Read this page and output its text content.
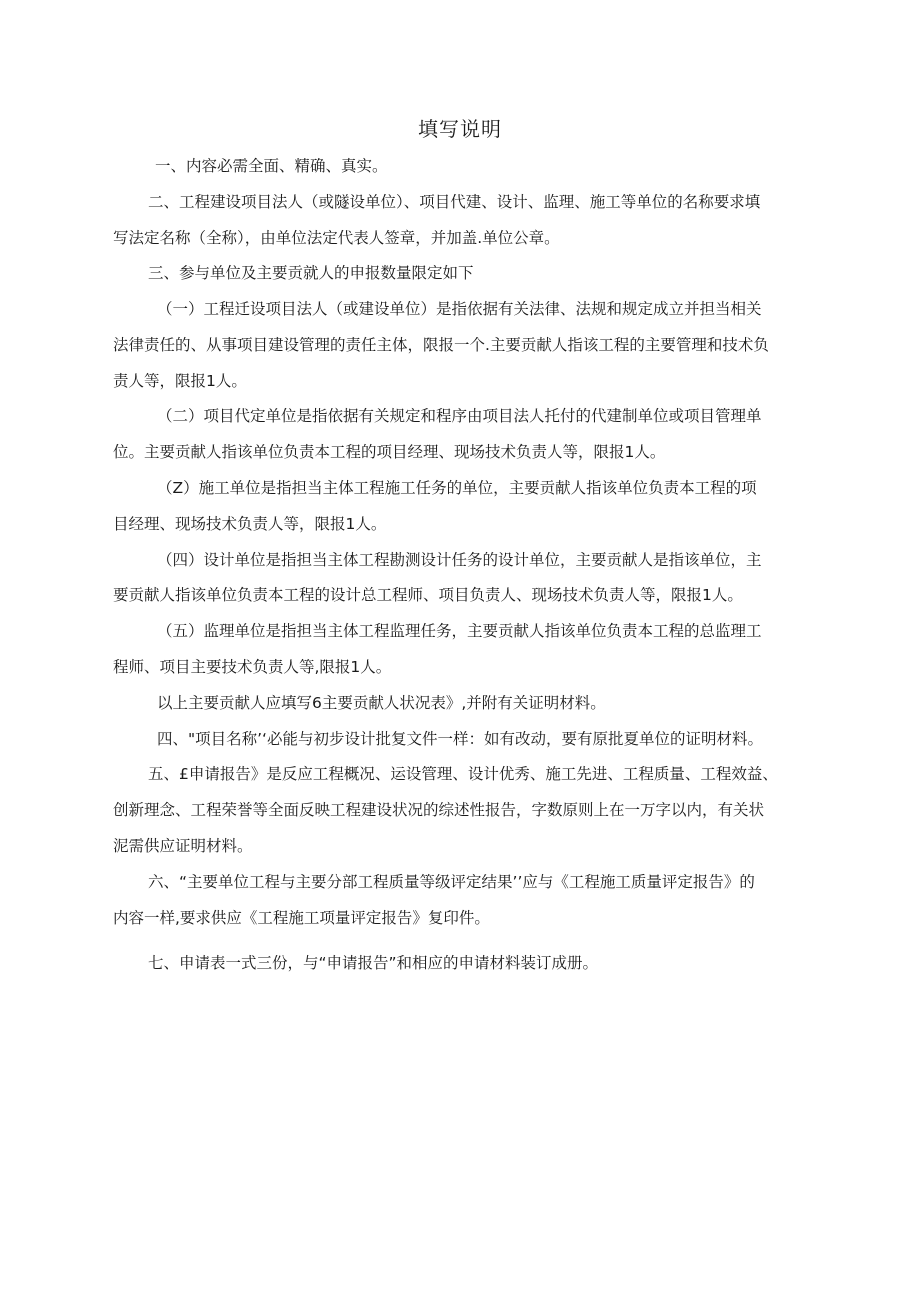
填写说明
一、内容必需全面、精确、真实。
二、工程建设项目法人（或隧设单位）、项目代建、设计、监理、施工等单位的名称要求填
写法定名称（全称），由单位法定代表人签章，并加盖.单位公章。
三、参与单位及主要贡就人的申报数量限定如下
（一）工程迁设项目法人（或建设单位）是指依据有关法律、法规和规定成立并担当相关
法律责任的、从事项目建设管理的责任主体，限报一个.主要贡献人指该工程的主要管理和技术负
责人等，限报1人。
（二）项目代定单位是指依据有关规定和程序由项目法人托付的代建制单位或项目管理单
位。主要贡献人指该单位负责本工程的项目经理、现场技术负责人等，限报1人。
（Z）施工单位是指担当主体工程施工任务的单位，主要贡献人指该单位负责本工程的项
目经理、现场技术负责人等，限报1人。
（四）设计单位是指担当主体工程勘测设计任务的设计单位，主要贡献人是指该单位，主
要贡献人指该单位负责本工程的设计总工程师、项目负责人、现场技术负责人等，限报1人。
（五）监理单位是指担当主体工程监理任务，主要贡献人指该单位负责本工程的总监理工
程师、项目主要技术负责人等,限报1人。
以上主要贡献人应填写6主要贡献人状况表》,并附有关证明材料。
四、"项目名称’‘必能与初步设计批复文件一样：如有改动，要有原批夏单位的证明材料。
五、£申请报告》是反应工程概况、运设管理、设计优秀、施工先进、工程质量、工程效益、
创新理念、工程荣誉等全面反映工程建设状况的综述性报告，字数原则上在一万字以内，有关状
泥需供应证明材料。
六、“主要单位工程与主要分部工程质量等级评定结果’’应与《工程施工质量评定报告》的
内容一样,要求供应《工程施工项量评定报告》复印件。
七、申请表一式三份，与“申请报告”和相应的申请材料装订成册。
